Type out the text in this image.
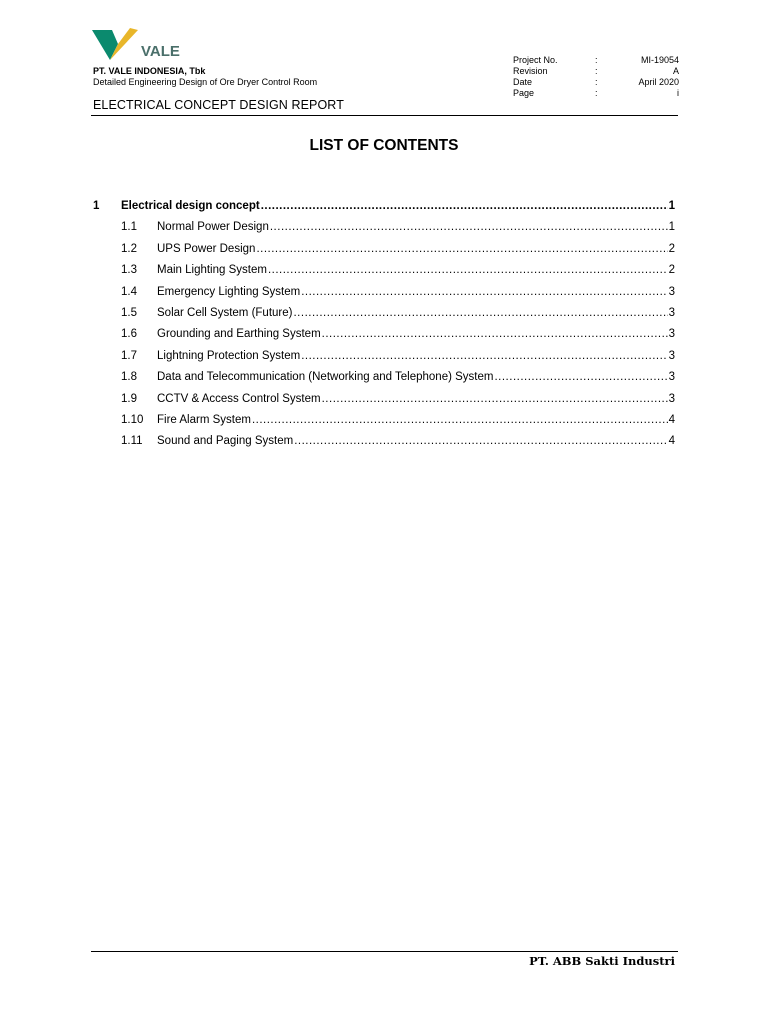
VALE
PT. VALE INDONESIA, Tbk
Detailed Engineering Design of Ore Dryer Control Room
ELECTRICAL CONCEPT DESIGN REPORT
Project No.	:	MI-19054
Revision	:	A
Date	:	April 2020
Page	:	i
LIST OF CONTENTS
1	Electrical design concept .....	1
1.1	Normal Power Design .....	1
1.2	UPS Power Design .....	2
1.3	Main Lighting System .....	2
1.4	Emergency Lighting System .....	3
1.5	Solar Cell System (Future) .....	3
1.6	Grounding and Earthing System .....	3
1.7	Lightning Protection System .....	3
1.8	Data and Telecommunication (Networking and Telephone) System .....	3
1.9	CCTV & Access Control System .....	3
1.10	Fire Alarm System .....	4
1.11	Sound and Paging System .....	4
PT. ABB Sakti Industri
